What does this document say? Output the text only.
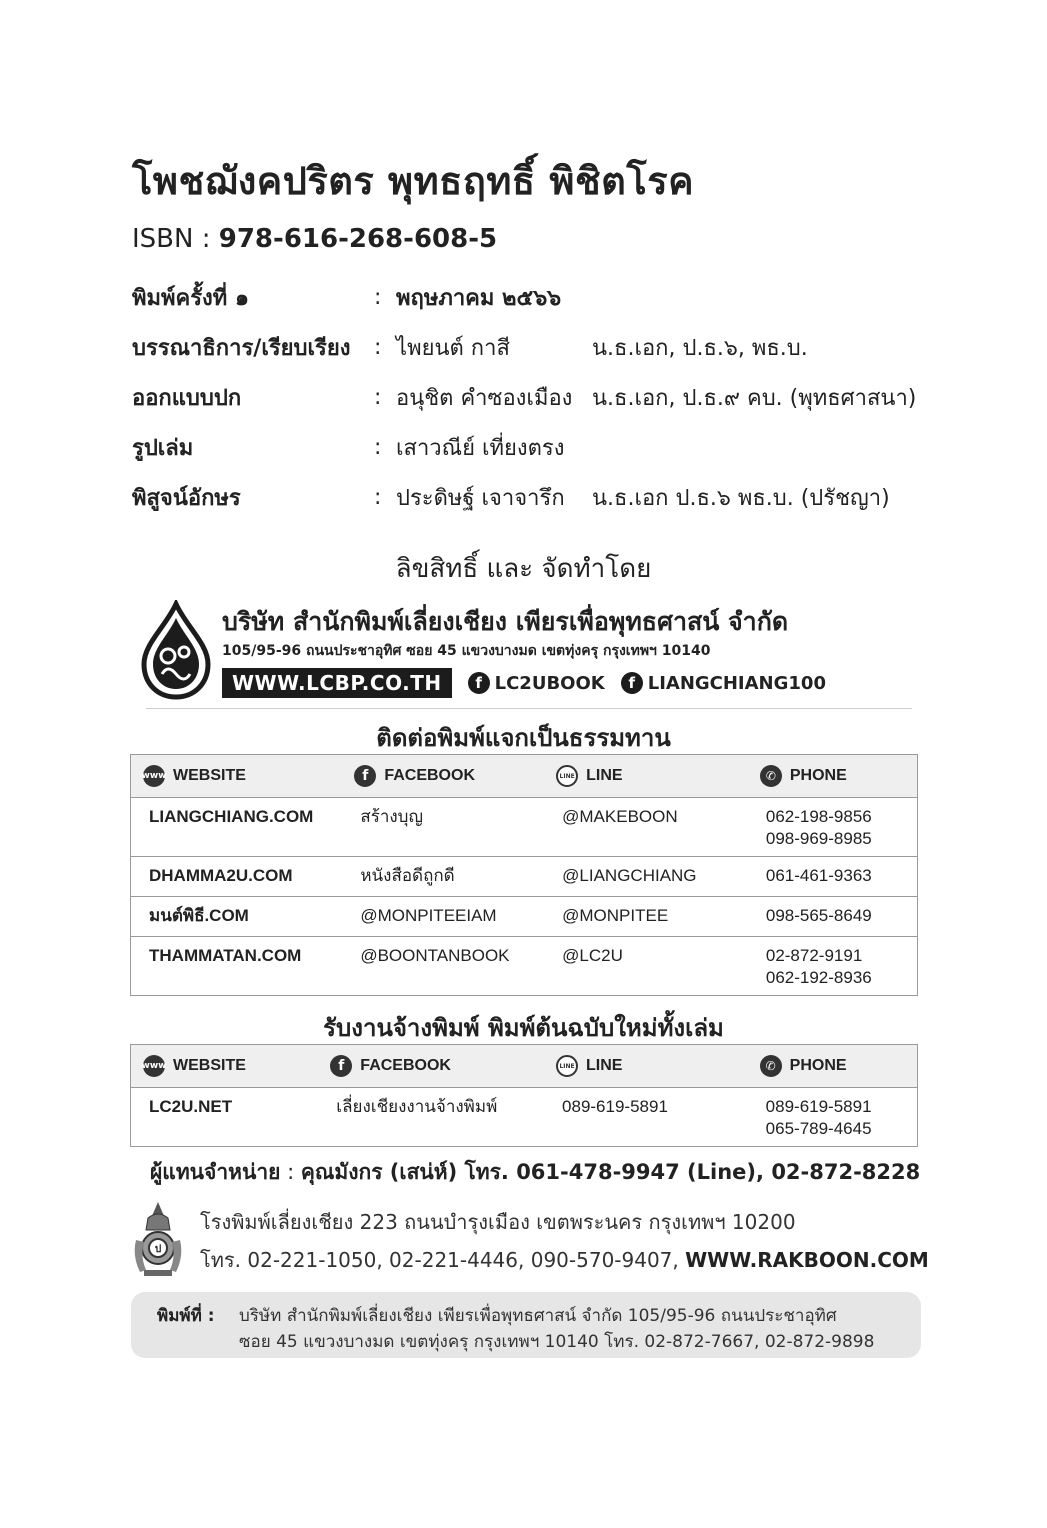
โพชฌังคปริตร พุทธฤทธิ์ พิชิตโรค
ISBN : 978-616-268-608-5
พิมพ์ครั้งที่ ๑	: พฤษภาคม ๒๕๖๖
บรรณาธิการ/เรียบเรียง	: ไพยนต์ กาสี	น.ธ.เอก, ป.ธ.๖, พธ.บ.
ออกแบบปก	: อนุชิต คำซองเมือง น.ธ.เอก, ป.ธ.๙ คบ. (พุทธศาสนา)
รูปเล่ม	: เสาวณีย์ เที่ยงตรง
พิสูจน์อักษร	: ประดิษฐ์ เจาจารึก	น.ธ.เอก ป.ธ.๖ พธ.บ. (ปรัชญา)
ลิขสิทธิ์ และ จัดทำโดย
บริษัท สำนักพิมพ์เลี่ยงเชียง เพียรเพื่อพุทธศาสน์ จำกัด
105/95-96 ถนนประชาอุทิศ ซอย 45 แขวงบางมด เขตทุ่งครุ กรุงเทพฯ 10140
WWW.LCBP.CO.TH	f LC2UBOOK	f LIANGCHIANG100
ติดต่อพิมพ์แจกเป็นธรรมทาน
www WEBSITE	f FACEBOOK	LINE LINE	✆ PHONE

LIANGCHIANG.COM	สร้างบุญ	@MAKEBOON	062-198-9856
098-969-8985

DHAMMA2U.COM	หนังสือดีถูกดี	@LIANGCHIANG	061-461-9363

มนต์พิธี.COM	@MONPITEEIAM	@MONPITEE	098-565-8649

THAMMATAN.COM	@BOONTANBOOK	@LC2U	02-872-9191
062-192-8936
รับงานจ้างพิมพ์ พิมพ์ต้นฉบับใหม่ทั้งเล่ม
www WEBSITE	f FACEBOOK	LINE LINE	✆ PHONE

LC2U.NET	เลี่ยงเชียงงานจ้างพิมพ์	089-619-5891	089-619-5891
065-789-4645
ผู้แทนจำหน่าย : คุณมังกร (เสน่ห์) โทร. 061-478-9947 (Line), 02-872-8228
ป
โรงพิมพ์เลี่ยงเชียง 223 ถนนบำรุงเมือง เขตพระนคร กรุงเทพฯ 10200
โทร. 02-221-1050, 02-221-4446, 090-570-9407, WWW.RAKBOON.COM
พิมพ์ที่ : บริษัท สำนักพิมพ์เลี่ยงเชียง เพียรเพื่อพุทธศาสน์ จำกัด 105/95-96 ถนนประชาอุทิศ
ซอย 45 แขวงบางมด เขตทุ่งครุ กรุงเทพฯ 10140 โทร. 02-872-7667, 02-872-9898
